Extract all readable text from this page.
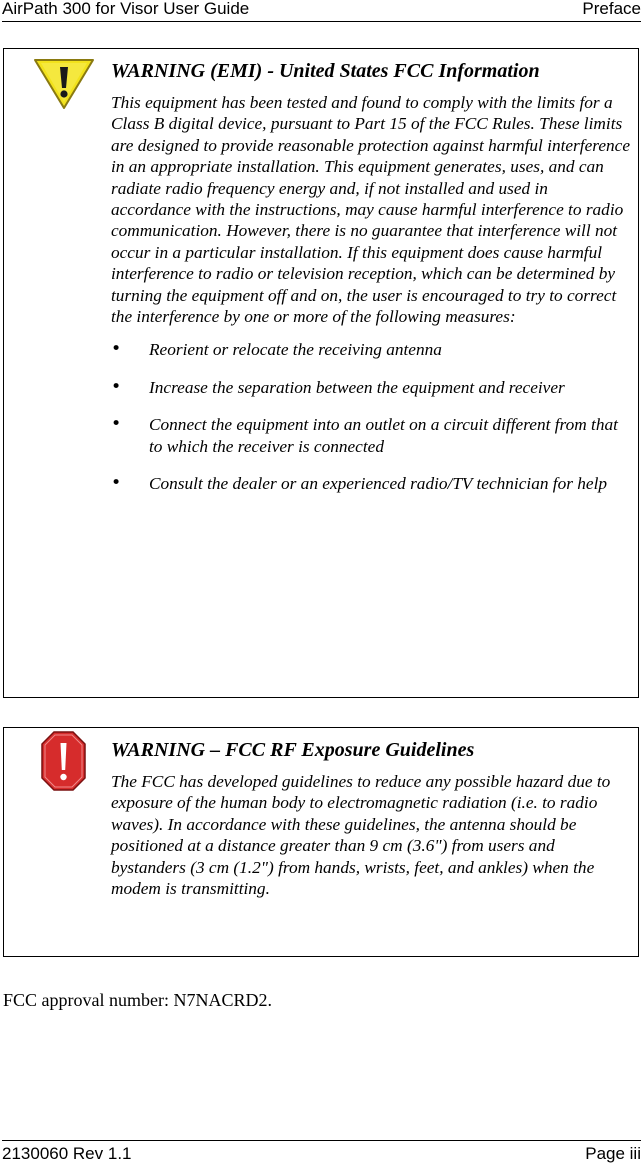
AirPath 300 for Visor User Guide	Preface
WARNING (EMI) - United States FCC Information
This equipment has been tested and found to comply with the limits for a Class B digital device, pursuant to Part 15 of the FCC Rules. These limits are designed to provide reasonable protection against harmful interference in an appropriate installation. This equipment generates, uses, and can radiate radio frequency energy and, if not installed and used in accordance with the instructions, may cause harmful interference to radio communication. However, there is no guarantee that interference will not occur in a particular installation. If this equipment does cause harmful interference to radio or television reception, which can be determined by turning the equipment off and on, the user is encouraged to try to correct the interference by one or more of the following measures:
• Reorient or relocate the receiving antenna
• Increase the separation between the equipment and receiver
• Connect the equipment into an outlet on a circuit different from that to which the receiver is connected
• Consult the dealer or an experienced radio/TV technician for help
WARNING – FCC RF Exposure Guidelines
The FCC has developed guidelines to reduce any possible hazard due to exposure of the human body to electromagnetic radiation (i.e. to radio waves). In accordance with these guidelines, the antenna should be positioned at a distance greater than 9 cm (3.6") from users and bystanders (3 cm (1.2") from hands, wrists, feet, and ankles) when the modem is transmitting.
FCC approval number: N7NACRD2.
2130060 Rev 1.1	Page iii
